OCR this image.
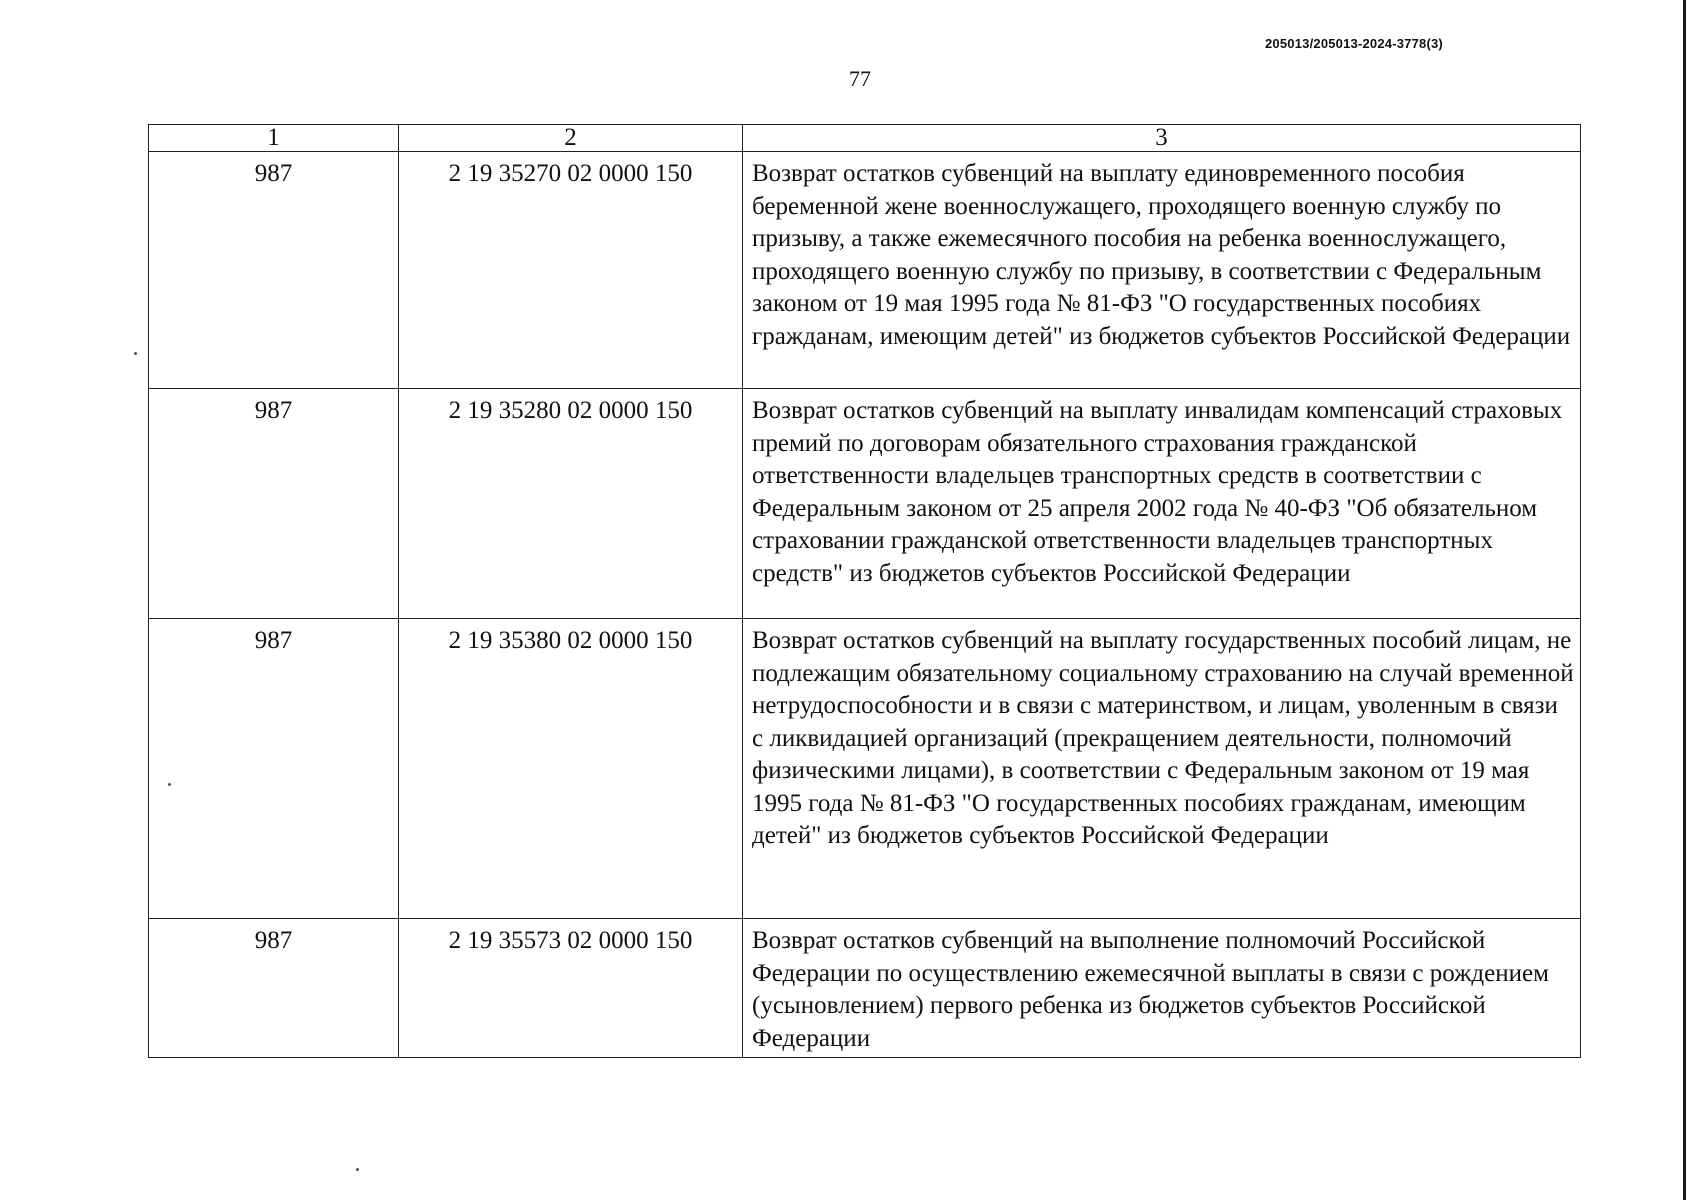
205013/205013-2024-3778(3)
77
1	2	3
987	2 19 35270 02 0000 150	Возврат остатков субвенций на выплату единовременного пособия беременной жене военнослужащего, проходящего военную службу по призыву, а также ежемесячного пособия на ребенка военнослужащего, проходящего военную службу по призыву, в соответствии с Федеральным законом от 19 мая 1995 года № 81-ФЗ "О государственных пособиях гражданам, имеющим детей" из бюджетов субъектов Российской Федерации
987	2 19 35280 02 0000 150	Возврат остатков субвенций на выплату инвалидам компенсаций страховых премий по договорам обязательного страхования гражданской ответственности владельцев транспортных средств в соответствии с Федеральным законом от 25 апреля 2002 года № 40-ФЗ "Об обязательном страховании гражданской ответственности владельцев транспортных средств" из бюджетов субъектов Российской Федерации
987	2 19 35380 02 0000 150	Возврат остатков субвенций на выплату государственных пособий лицам, не подлежащим обязательному социальному страхованию на случай временной нетрудоспособности и в связи с материнством, и лицам, уволенным в связи с ликвидацией организаций (прекращением деятельности, полномочий физическими лицами), в соответствии с Федеральным законом от 19 мая 1995 года № 81-ФЗ "О государственных пособиях гражданам, имеющим детей" из бюджетов субъектов Российской Федерации
987	2 19 35573 02 0000 150	Возврат остатков субвенций на выполнение полномочий Российской Федерации по осуществлению ежемесячной выплаты в связи с рождением (усыновлением) первого ребенка из бюджетов субъектов Российской Федерации
